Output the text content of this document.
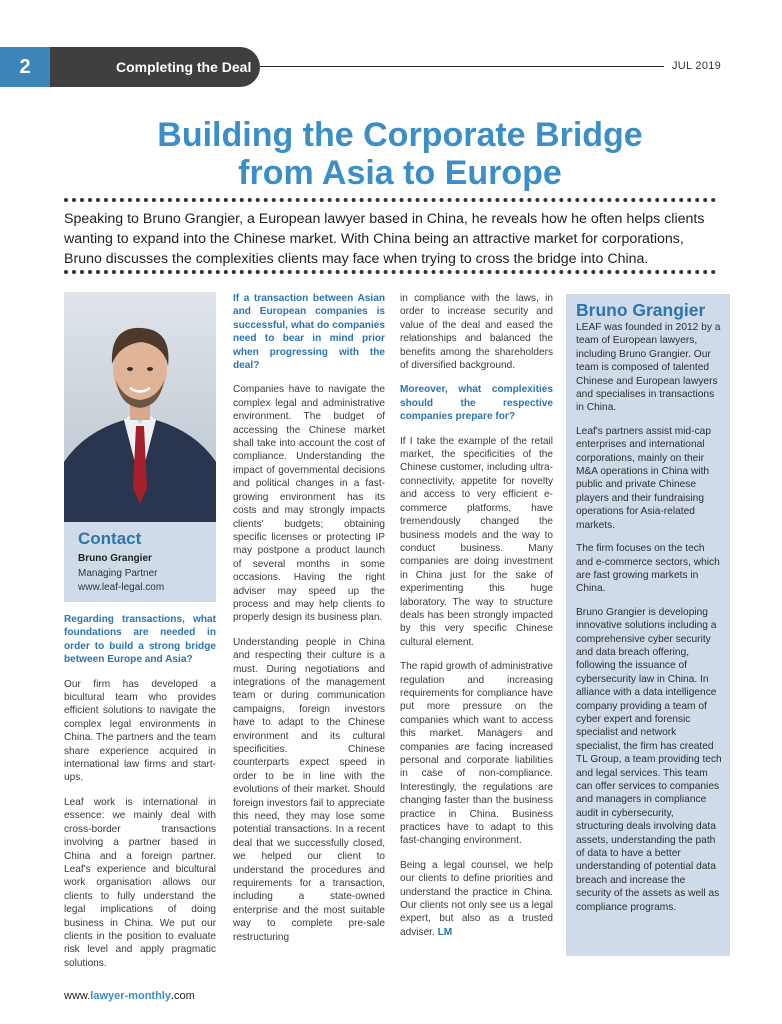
2	Completing the Deal	JUL 2019
Building the Corporate Bridge
from Asia to Europe
Speaking to Bruno Grangier, a European lawyer based in China, he reveals how he often helps clients wanting to expand into the Chinese market. With China being an attractive market for corporations, Bruno discusses the complexities clients may face when trying to cross the bridge into China.
Contact
Bruno Grangier
Managing Partner
www.leaf-legal.com

Regarding transactions, what foundations are needed in order to build a strong bridge between Europe and Asia?

Our firm has developed a bicultural team who provides efficient solutions to navigate the complex legal environments in China. The partners and the team share experience acquired in international law firms and start-ups.

Leaf work is international in essence: we mainly deal with cross-border transactions involving a partner based in China and a foreign partner. Leaf's experience and bicultural work organisation allows our clients to fully understand the legal implications of doing business in China. We put our clients in the position to evaluate risk level and apply pragmatic solutions.

If a transaction between Asian and European companies is successful, what do companies need to bear in mind prior when progressing with the deal?

Companies have to navigate the complex legal and administrative environment. The budget of accessing the Chinese market shall take into account the cost of compliance. Understanding the impact of governmental decisions and political changes in a fast-growing environment has its costs and may strongly impacts clients' budgets; obtaining specific licenses or protecting IP may postpone a product launch of several months in some occasions. Having the right adviser may speed up the process and may help clients to properly design its business plan.

Understanding people in China and respecting their culture is a must. During negotiations and integrations of the management team or during communication campaigns, foreign investors have to adapt to the Chinese environment and its cultural specificities. Chinese counterparts expect speed in order to be in line with the evolutions of their market. Should foreign investors fail to appreciate this need, they may lose some potential transactions. In a recent deal that we successfully closed, we helped our client to understand the procedures and requirements for a transaction, including a state-owned enterprise and the most suitable way to complete pre-sale restructuring

in compliance with the laws, in order to increase security and value of the deal and eased the relationships and balanced the benefits among the shareholders of diversified background.

Moreover, what complexities should the respective companies prepare for?

If I take the example of the retail market, the specificities of the Chinese customer, including ultra-connectivity, appetite for novelty and access to very efficient e-commerce platforms, have tremendously changed the business models and the way to conduct business. Many companies are doing investment in China just for the sake of experimenting this huge laboratory. The way to structure deals has been strongly impacted by this very specific Chinese cultural element.

The rapid growth of administrative regulation and increasing requirements for compliance have put more pressure on the companies which want to access this market. Managers and companies are facing increased personal and corporate liabilities in case of non-compliance. Interestingly, the regulations are changing faster than the business practice in China. Business practices have to adapt to this fast-changing environment.

Being a legal counsel, we help our clients to define priorities and understand the practice in China. Our clients not only see us a legal expert, but also as a trusted adviser. LM

Bruno Grangier

LEAF was founded in 2012 by a team of European lawyers, including Bruno Grangier. Our team is composed of talented Chinese and European lawyers and specialises in transactions in China.

Leaf's partners assist mid-cap enterprises and international corporations, mainly on their M&A operations in China with public and private Chinese players and their fundraising operations for Asia-related markets.

The firm focuses on the tech and e-commerce sectors, which are fast growing markets in China.

Bruno Grangier is developing innovative solutions including a comprehensive cyber security and data breach offering, following the issuance of cybersecurity law in China. In alliance with a data intelligence company providing a team of cyber expert and forensic specialist and network specialist, the firm has created TL Group, a team providing tech and legal services. This team can offer services to companies and managers in compliance audit in cybersecurity, structuring deals involving data assets, understanding the path of data to have a better understanding of potential data breach and increase the security of the assets as well as compliance programs.

www.lawyer-monthly.com
